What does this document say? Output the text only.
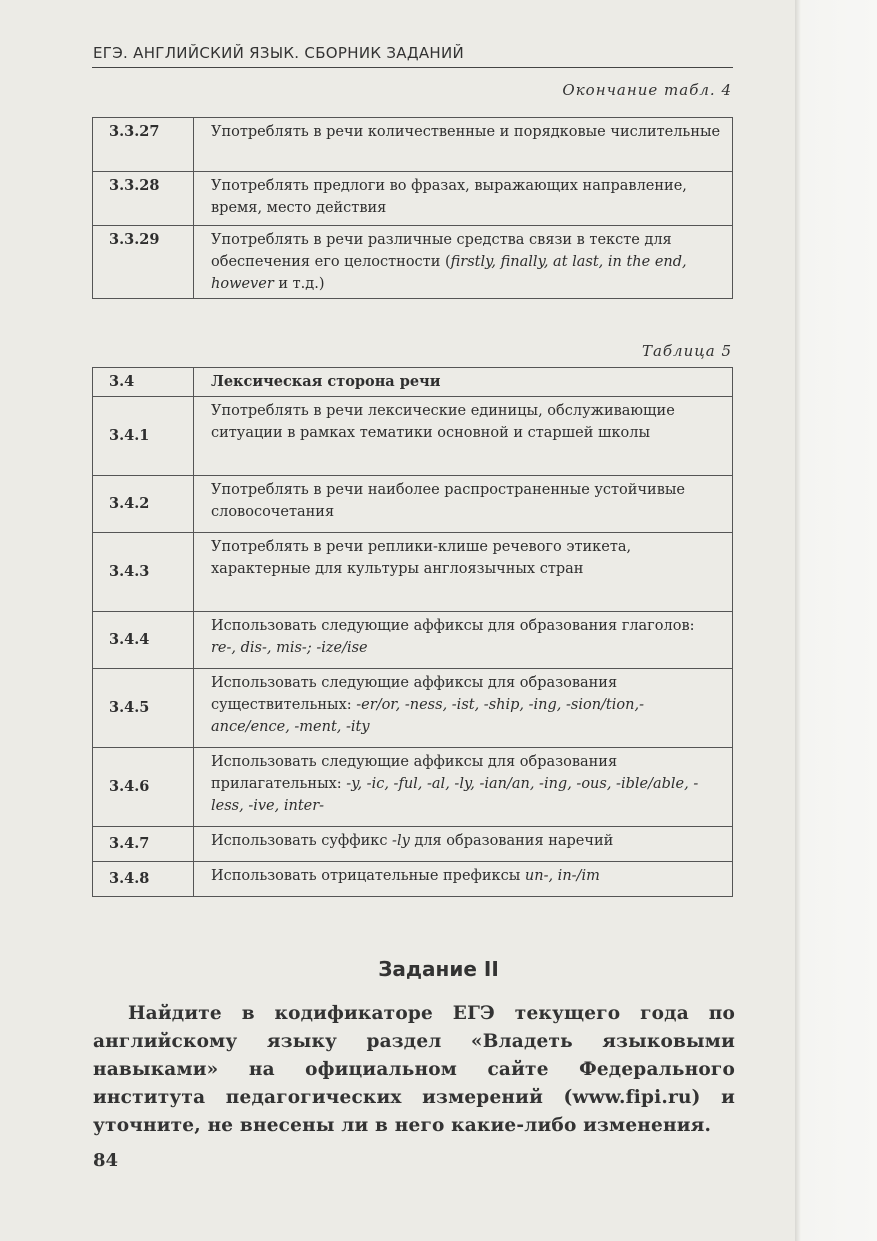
ЕГЭ. АНГЛИЙСКИЙ ЯЗЫК. СБОРНИК ЗАДАНИЙ
Окончание табл. 4
3.3.27	Употреблять в речи количественные и порядковые числительные
3.3.28	Употреблять предлоги во фразах, выражающих направление, время, место действия
3.3.29	Употреблять в речи различные средства связи в тексте для обеспечения его целостности (firstly, finally, at last, in the end, however и т.д.)
Таблица 5
3.4	Лексическая сторона речи
3.4.1	Употреблять в речи лексические единицы, обслуживающие ситуации в рамках тематики основной и старшей школы
3.4.2	Употреблять в речи наиболее распространенные устойчивые словосочетания
3.4.3	Употреблять в речи реплики-клише речевого этикета, характерные для культуры англоязычных стран
3.4.4	Использовать следующие аффиксы для образования глаголов: re-, dis-, mis-; -ize/ise
3.4.5	Использовать следующие аффиксы для образования существительных: -er/or, -ness, -ist, -ship, -ing, -sion/tion,-ance/ence, -ment, -ity
3.4.6	Использовать следующие аффиксы для образования прилагательных: -y, -ic, -ful, -al, -ly, -ian/an, -ing, -ous, -ible/able, -less, -ive, inter-
3.4.7	Использовать суффикс -ly для образования наречий
3.4.8	Использовать отрицательные префиксы un-, in-/im
Задание II
Найдите в кодификаторе ЕГЭ текущего года по английскому языку раздел «Владеть языковыми навыками» на официальном сайте Федерального института педагогических измерений (www.fipi.ru) и уточните, не внесены ли в него какие-либо изменения.
84
